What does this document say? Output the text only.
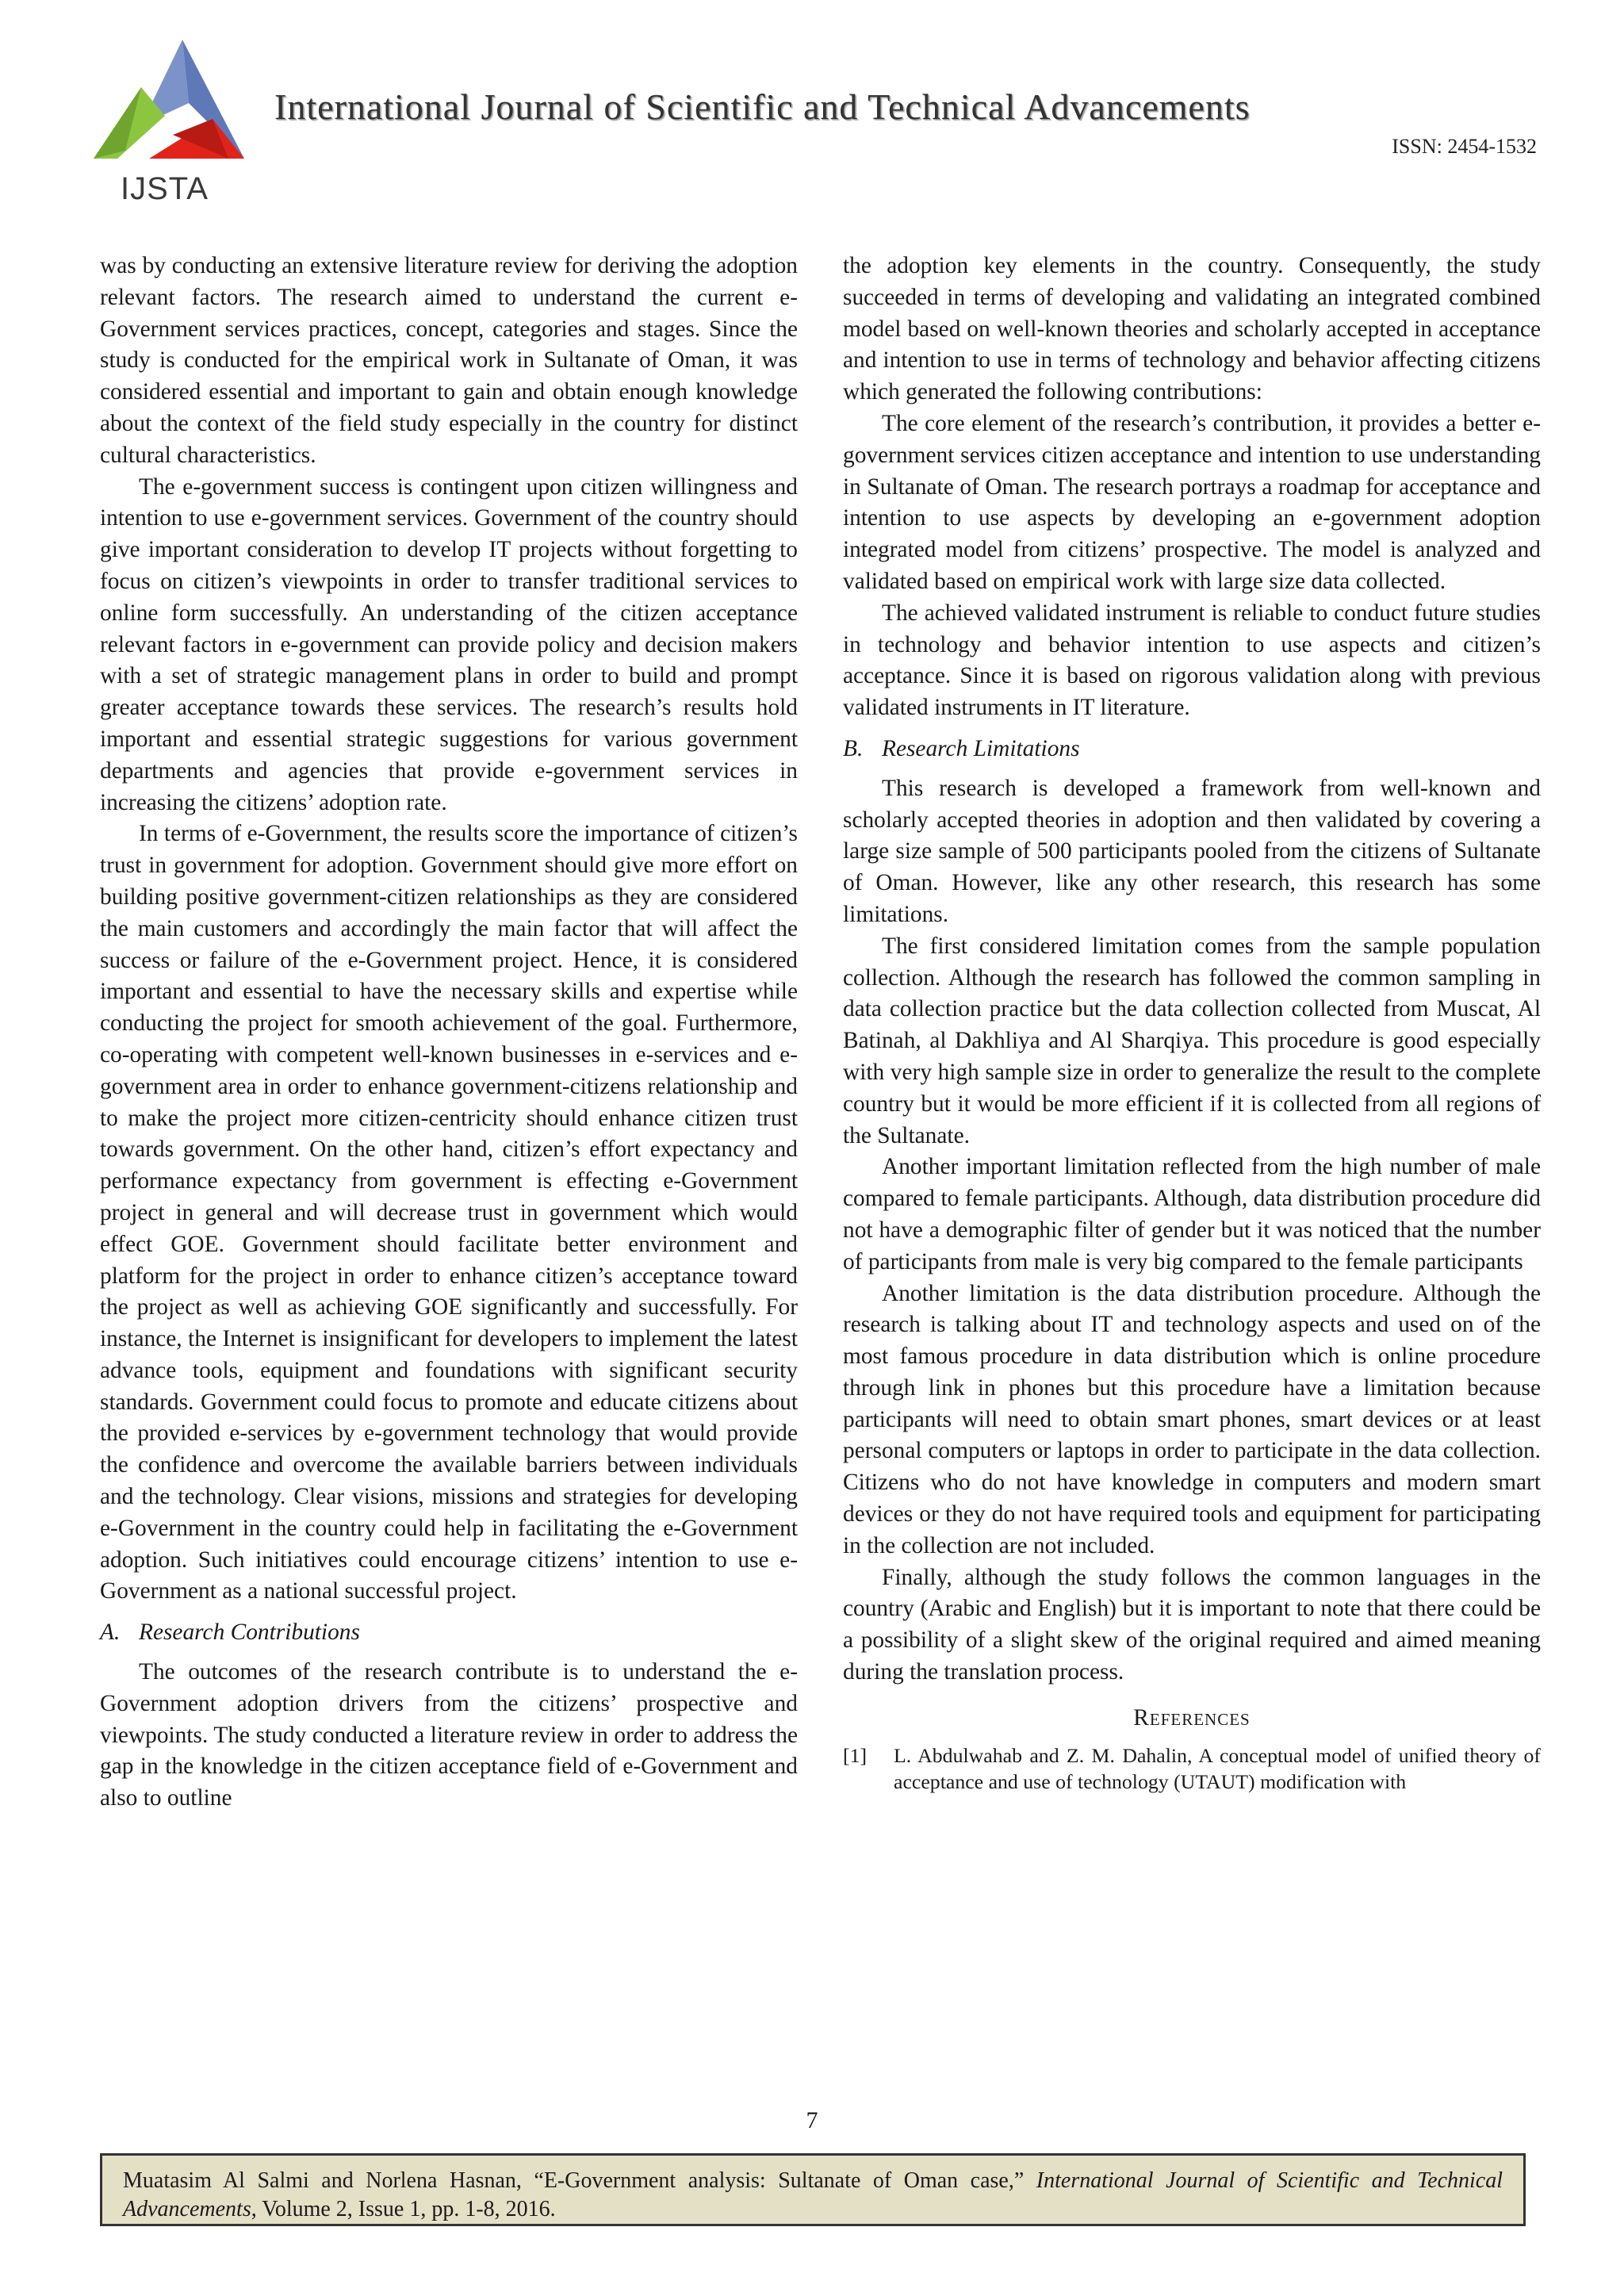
IJSTA
International Journal of Scientific and Technical Advancements
ISSN: 2454-1532

was by conducting an extensive literature review for deriving the adoption relevant factors. The research aimed to understand the current e-Government services practices, concept, categories and stages. Since the study is conducted for the empirical work in Sultanate of Oman, it was considered essential and important to gain and obtain enough knowledge about the context of the field study especially in the country for distinct cultural characteristics.

The e-government success is contingent upon citizen willingness and intention to use e-government services. Government of the country should give important consideration to develop IT projects without forgetting to focus on citizen’s viewpoints in order to transfer traditional services to online form successfully. An understanding of the citizen acceptance relevant factors in e-government can provide policy and decision makers with a set of strategic management plans in order to build and prompt greater acceptance towards these services. The research’s results hold important and essential strategic suggestions for various government departments and agencies that provide e-government services in increasing the citizens’ adoption rate.

In terms of e-Government, the results score the importance of citizen’s trust in government for adoption. Government should give more effort on building positive government-citizen relationships as they are considered the main customers and accordingly the main factor that will affect the success or failure of the e-Government project. Hence, it is considered important and essential to have the necessary skills and expertise while conducting the project for smooth achievement of the goal. Furthermore, co-operating with competent well-known businesses in e-services and e-government area in order to enhance government-citizens relationship and to make the project more citizen-centricity should enhance citizen trust towards government. On the other hand, citizen’s effort expectancy and performance expectancy from government is effecting e-Government project in general and will decrease trust in government which would effect GOE. Government should facilitate better environment and platform for the project in order to enhance citizen’s acceptance toward the project as well as achieving GOE significantly and successfully. For instance, the Internet is insignificant for developers to implement the latest advance tools, equipment and foundations with significant security standards. Government could focus to promote and educate citizens about the provided e-services by e-government technology that would provide the confidence and overcome the available barriers between individuals and the technology. Clear visions, missions and strategies for developing e-Government in the country could help in facilitating the e-Government adoption. Such initiatives could encourage citizens’ intention to use e-Government as a national successful project.

A. Research Contributions

The outcomes of the research contribute is to understand the e-Government adoption drivers from the citizens’ prospective and viewpoints. The study conducted a literature review in order to address the gap in the knowledge in the citizen acceptance field of e-Government and also to outline

the adoption key elements in the country. Consequently, the study succeeded in terms of developing and validating an integrated combined model based on well-known theories and scholarly accepted in acceptance and intention to use in terms of technology and behavior affecting citizens which generated the following contributions:

The core element of the research’s contribution, it provides a better e-government services citizen acceptance and intention to use understanding in Sultanate of Oman. The research portrays a roadmap for acceptance and intention to use aspects by developing an e-government adoption integrated model from citizens’ prospective. The model is analyzed and validated based on empirical work with large size data collected.

The achieved validated instrument is reliable to conduct future studies in technology and behavior intention to use aspects and citizen’s acceptance. Since it is based on rigorous validation along with previous validated instruments in IT literature.

B. Research Limitations

This research is developed a framework from well-known and scholarly accepted theories in adoption and then validated by covering a large size sample of 500 participants pooled from the citizens of Sultanate of Oman. However, like any other research, this research has some limitations.

The first considered limitation comes from the sample population collection. Although the research has followed the common sampling in data collection practice but the data collection collected from Muscat, Al Batinah, al Dakhliya and Al Sharqiya. This procedure is good especially with very high sample size in order to generalize the result to the complete country but it would be more efficient if it is collected from all regions of the Sultanate.

Another important limitation reflected from the high number of male compared to female participants. Although, data distribution procedure did not have a demographic filter of gender but it was noticed that the number of participants from male is very big compared to the female participants

Another limitation is the data distribution procedure. Although the research is talking about IT and technology aspects and used on of the most famous procedure in data distribution which is online procedure through link in phones but this procedure have a limitation because participants will need to obtain smart phones, smart devices or at least personal computers or laptops in order to participate in the data collection. Citizens who do not have knowledge in computers and modern smart devices or they do not have required tools and equipment for participating in the collection are not included.

Finally, although the study follows the common languages in the country (Arabic and English) but it is important to note that there could be a possibility of a slight skew of the original required and aimed meaning during the translation process.

References
[1] L. Abdulwahab and Z. M. Dahalin, A conceptual model of unified theory of acceptance and use of technology (UTAUT) modification with
7
Muatasim Al Salmi and Norlena Hasnan, “E-Government analysis: Sultanate of Oman case,” International Journal of Scientific and Technical Advancements, Volume 2, Issue 1, pp. 1-8, 2016.
